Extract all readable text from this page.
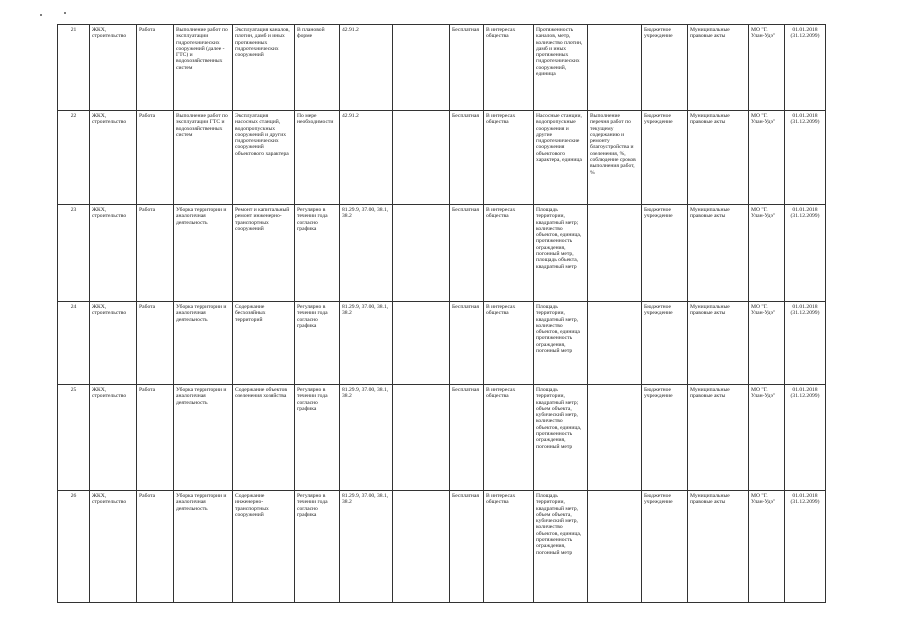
21	ЖКХ, строительство	Работа	Выполнение работ по эксплуатации гидротехнических сооружений (далее - ГТС) и водохозяйственных систем	Эксплуатация каналов, плотин, дамб и иных протяженных гидротехнических сооружений	В плановой форме	42.91.2		Бесплатная	В интересах общества	Протяженность каналов, метр, количество плотин, дамб и иных протяженных гидротехнических сооружений, единица		Бюджетное учреждение	Муниципальные правовые акты	МО "Г. Улан-Удэ"	01.01.2018 (31.12.2099)

22	ЖКХ, строительство	Работа	Выполнение работ по эксплуатации ГТС и водохозяйственных систем	Эксплуатация насосных станций, водопропускных сооружений и других гидротехнических сооружений объектового характера	По мере необходимости	42.91.2		Бесплатная	В интересах общества	Насосные станции, водопропускные сооружения и другие гидротехнические сооружения объектового характера, единица	Выполнение перечня работ по текущему содержанию и ремонту благоустройства и озеленения, %, соблюдение сроков выполнения работ, %	Бюджетное учреждение	Муниципальные правовые акты	МО "Г. Улан-Удэ"	01.01.2018 (31.12.2099)

23	ЖКХ, строительство	Работа	Уборка территории и аналогичная деятельность	Ремонт и капитальный ремонт инженерно-транспортных сооружений	Регулярно в течении года согласно графика	81.29.9, 37.00, 38.1, 38.2		Бесплатная	В интересах общества	Площадь территории, квадратный метр; количество объектов, единица, протяженность ограждения, погонный метр, площадь объекта, квадратный метр		Бюджетное учреждение	Муниципальные правовые акты	МО "Г. Улан-Удэ"	01.01.2018 (31.12.2099)

24	ЖКХ, строительство	Работа	Уборка территории и аналогичная деятельность	Содержание бесхозяйных территорий	Регулярно в течении года согласно графика	81.29.9, 37.00, 38.1, 38.2		Бесплатная	В интересах общества	Площадь территории, квадратный метр, количество объектов, единица протяженность ограждения, погонный метр		Бюджетное учреждение	Муниципальные правовые акты	МО "Г. Улан-Удэ"	01.01.2018 (31.12.2099)

25	ЖКХ, строительство	Работа	Уборка территории и аналогичная деятельность	Содержание объектов озеленения хозяйства	Регулярно в течении года согласно графика	81.29.9, 37.00, 38.1, 38.2		Бесплатная	В интересах общества	Площадь территории, квадратный метр; объем объекта, кубический метр, количество объектов, единица, протяженность ограждения, погонный метр		Бюджетное учреждение	Муниципальные правовые акты	МО "Г. Улан-Удэ"	01.01.2018 (31.12.2099)

26	ЖКХ, строительство	Работа	Уборка территории и аналогичная деятельность	Содержание инженерно-транспортных сооружений	Регулярно в течении года согласно графика	81.29.9, 37.00, 38.1, 38.2		Бесплатная	В интересах общества	Площадь территории, квадратный метр, объем объекта, кубический метр, количество объектов, единица, протяженность ограждения, погонный метр		Бюджетное учреждение	Муниципальные правовые акты	МО "Г. Улан-Удэ"	01.01.2018 (31.12.2099)
